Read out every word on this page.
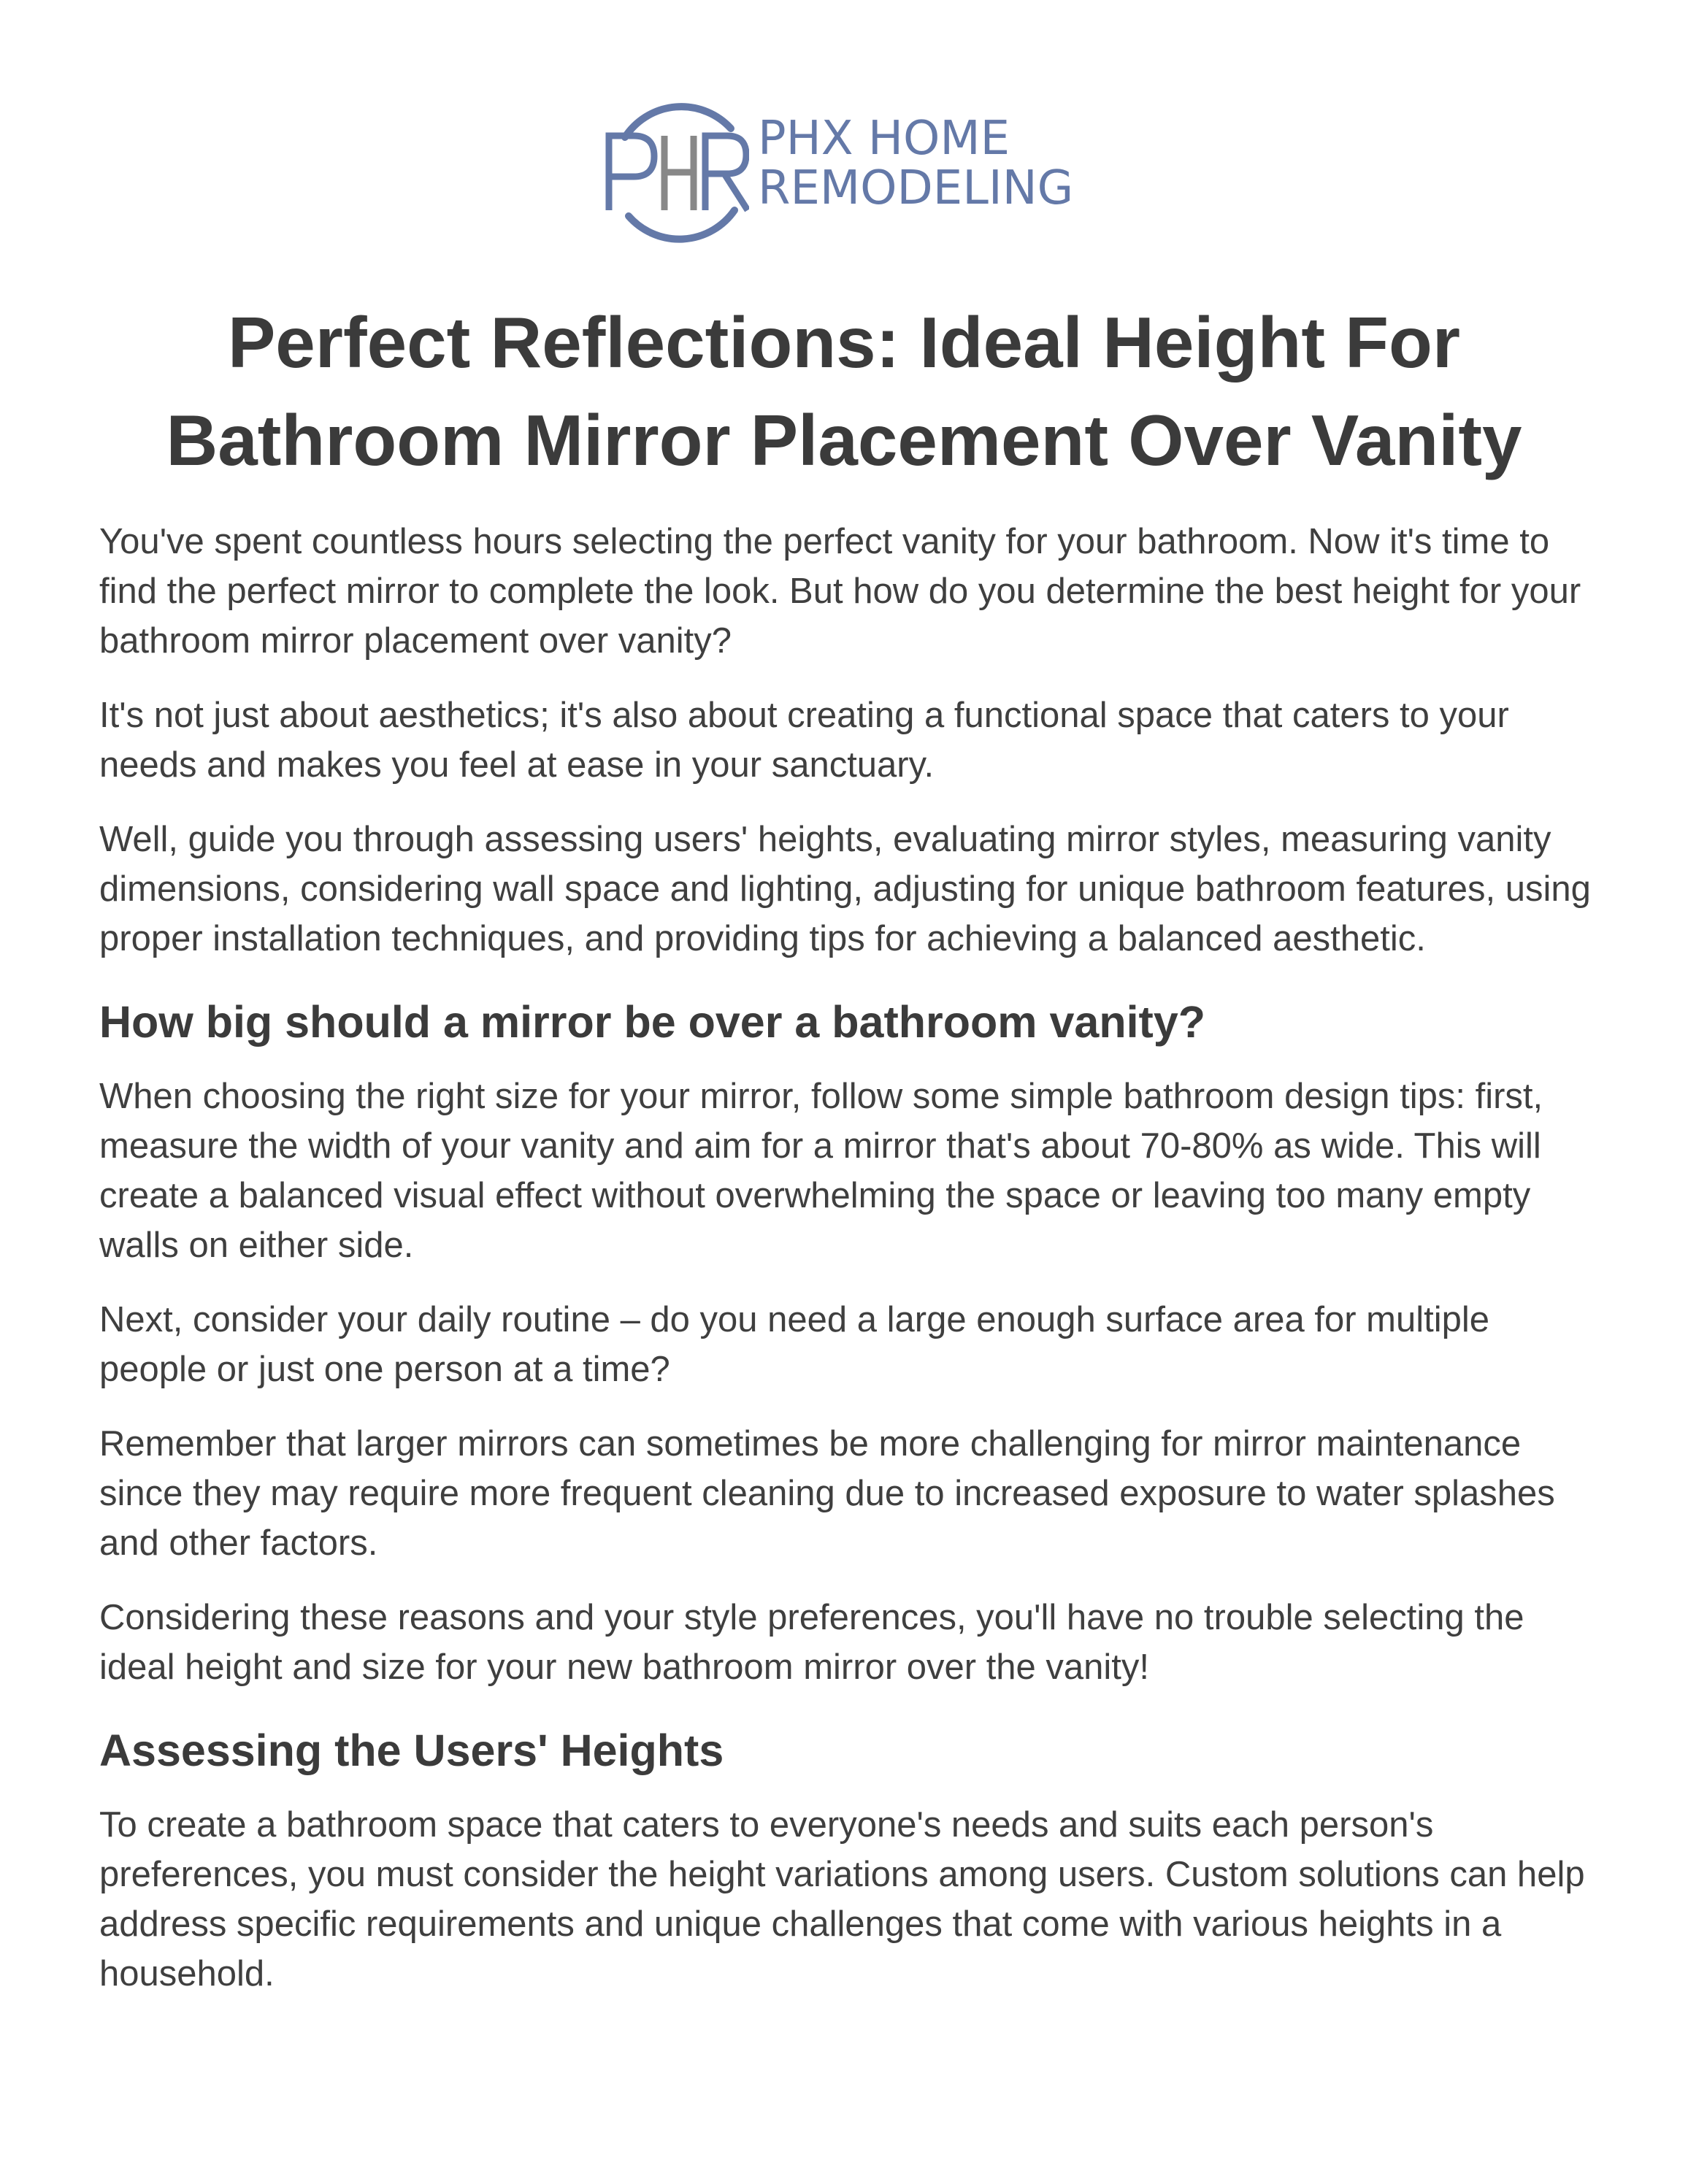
PHX HOME
REMODELING
Perfect Reflections: Ideal Height For Bathroom Mirror Placement Over Vanity

You've spent countless hours selecting the perfect vanity for your bathroom. Now it's time to find the perfect mirror to complete the look. But how do you determine the best height for your bathroom mirror placement over vanity?

It's not just about aesthetics; it's also about creating a functional space that caters to your needs and makes you feel at ease in your sanctuary.

Well, guide you through assessing users' heights, evaluating mirror styles, measuring vanity dimensions, considering wall space and lighting, adjusting for unique bathroom features, using proper installation techniques, and providing tips for achieving a balanced aesthetic.

How big should a mirror be over a bathroom vanity?

When choosing the right size for your mirror, follow some simple bathroom design tips: first, measure the width of your vanity and aim for a mirror that's about 70-80% as wide. This will create a balanced visual effect without overwhelming the space or leaving too many empty walls on either side.

Next, consider your daily routine – do you need a large enough surface area for multiple people or just one person at a time?

Remember that larger mirrors can sometimes be more challenging for mirror maintenance since they may require more frequent cleaning due to increased exposure to water splashes and other factors.

Considering these reasons and your style preferences, you'll have no trouble selecting the ideal height and size for your new bathroom mirror over the vanity!

Assessing the Users' Heights

To create a bathroom space that caters to everyone's needs and suits each person's preferences, you must consider the height variations among users. Custom solutions can help address specific requirements and unique challenges that come with various heights in a household.
